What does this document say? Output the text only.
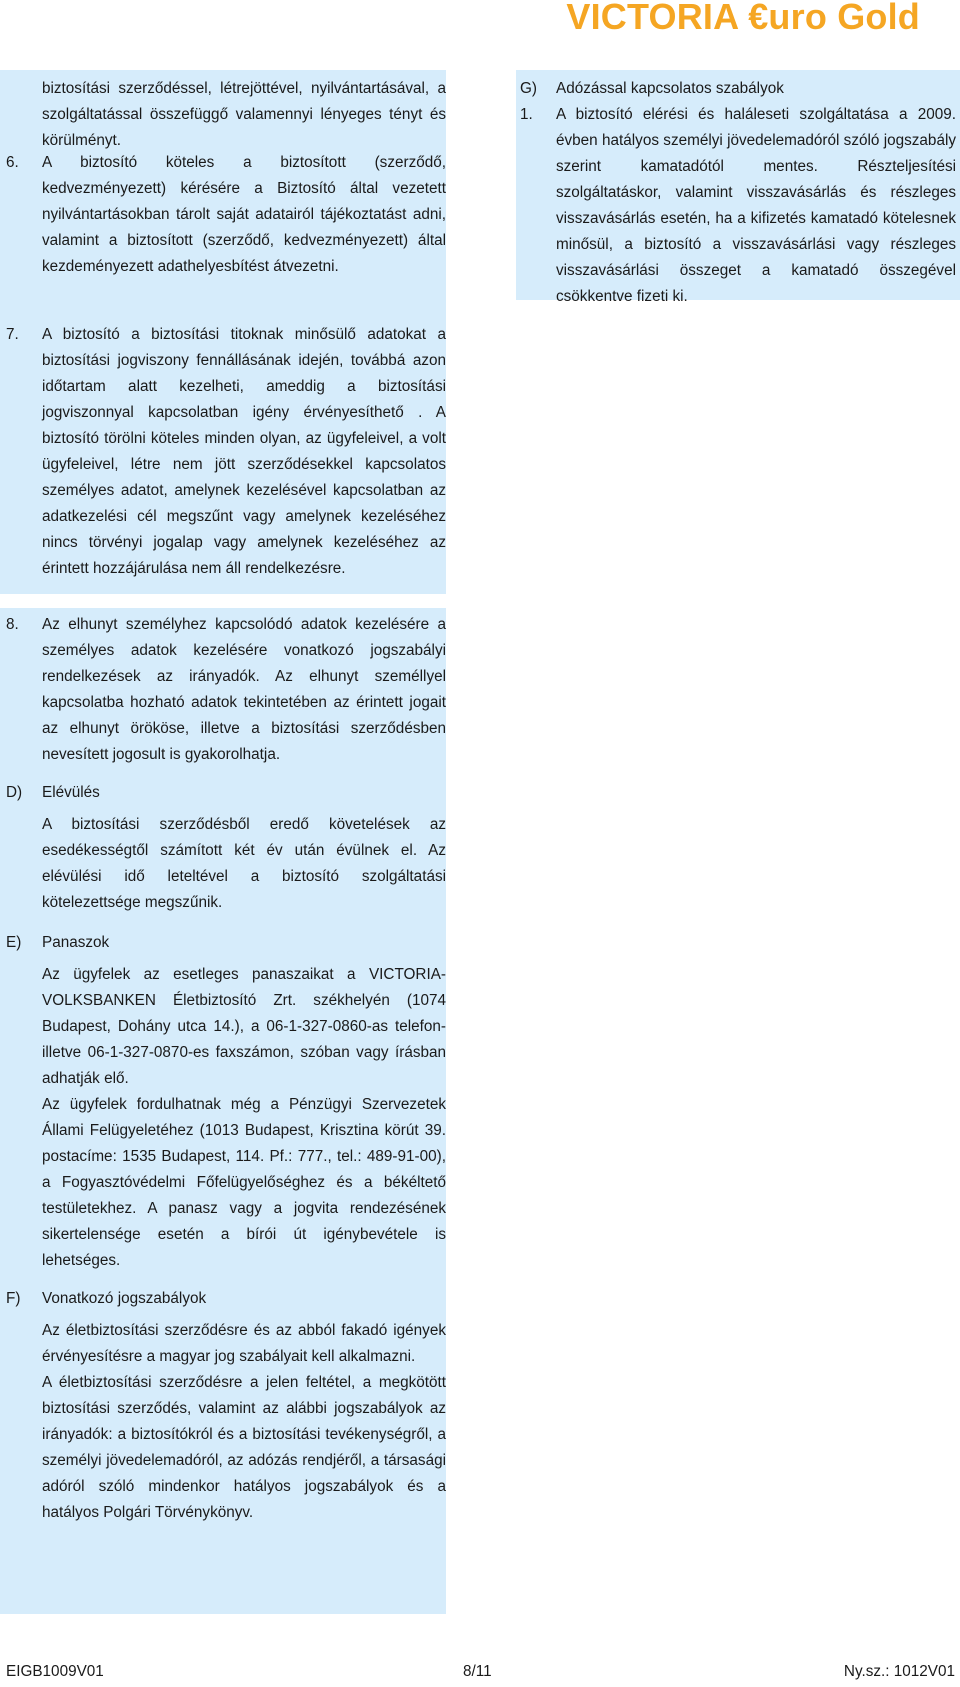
VICTORIA €uro Gold

biztosítási szerződéssel, létrejöttével, nyilvántartásával, a szolgáltatással összefüggő valamennyi lényeges tényt és körülményt.

6. A biztosító köteles a biztosított (szerződő, kedvezményezett) kérésére a Biztosító által vezetett nyilvántartásokban tárolt saját adatairól tájékoztatást adni, valamint a biztosított (szerződő, kedvezményezett) által kezdeményezett adathelyesbítést átvezetni.

7. A biztosító a biztosítási titoknak minősülő adatokat a biztosítási jogviszony fennállásának idején, továbbá azon időtartam alatt kezelheti, ameddig a biztosítási jogviszonnyal kapcsolatban igény érvényesíthető . A biztosító törölni köteles minden olyan, az ügyfeleivel, a volt ügyfeleivel, létre nem jött szerződésekkel kapcsolatos személyes adatot, amelynek kezelésével kapcsolatban az adatkezelési cél megszűnt vagy amelynek kezeléséhez nincs törvényi jogalap vagy amelynek kezeléséhez az érintett hozzájárulása nem áll rendelkezésre.

8. Az elhunyt személyhez kapcsolódó adatok kezelésére a személyes adatok kezelésére vonatkozó jogszabályi rendelkezések az irányadók. Az elhunyt személlyel kapcsolatba hozható adatok tekintetében az érintett jogait az elhunyt örököse, illetve a biztosítási szerződésben nevesített jogosult is gyakorolhatja.

D) Elévülés

A biztosítási szerződésből eredő követelések az esedékességtől számított két év után évülnek el. Az elévülési idő leteltével a biztosító szolgáltatási kötelezettsége megszűnik.

E) Panaszok

Az ügyfelek az esetleges panaszaikat a VICTORIA-VOLKSBANKEN Életbiztosító Zrt. székhelyén (1074 Budapest, Dohány utca 14.), a 06-1-327-0860-as telefon- illetve 06-1-327-0870-es faxszámon, szóban vagy írásban adhatják elő.

Az ügyfelek fordulhatnak még a Pénzügyi Szervezetek Állami Felügyeletéhez (1013 Budapest, Krisztina körút 39. postacíme: 1535 Budapest, 114. Pf.: 777., tel.: 489-91-00), a Fogyasztóvédelmi Főfelügyelőséghez és a békéltető testületekhez. A panasz vagy a jogvita rendezésének sikertelensége esetén a bírói út igénybevétele is lehetséges.

F) Vonatkozó jogszabályok

Az életbiztosítási szerződésre és az abból fakadó igények érvényesítésre a magyar jog szabályait kell alkalmazni.

A életbiztosítási szerződésre a jelen feltétel, a megkötött biztosítási szerződés, valamint az alábbi jogszabályok az irányadók: a biztosítókról és a biztosítási tevékenységről, a személyi jövedelemadóról, az adózás rendjéről, a társasági adóról szóló mindenkor hatályos jogszabályok és a hatályos Polgári Törvénykönyv.

G) Adózással kapcsolatos szabályok
1. A biztosító elérési és haláleseti szolgáltatása a 2009. évben hatályos személyi jövedelemadóról szóló jogszabály szerint kamatadótól mentes. Részteljesítési szolgáltatáskor, valamint visszavásárlás és részleges visszavásárlás esetén, ha a kifizetés kamatadó kötelesnek minősül, a biztosító a visszavásárlási vagy részleges visszavásárlási összeget a kamatadó összegével csökkentve fizeti ki.

EIGB1009V01	8/11	Ny.sz.: 1012V01
